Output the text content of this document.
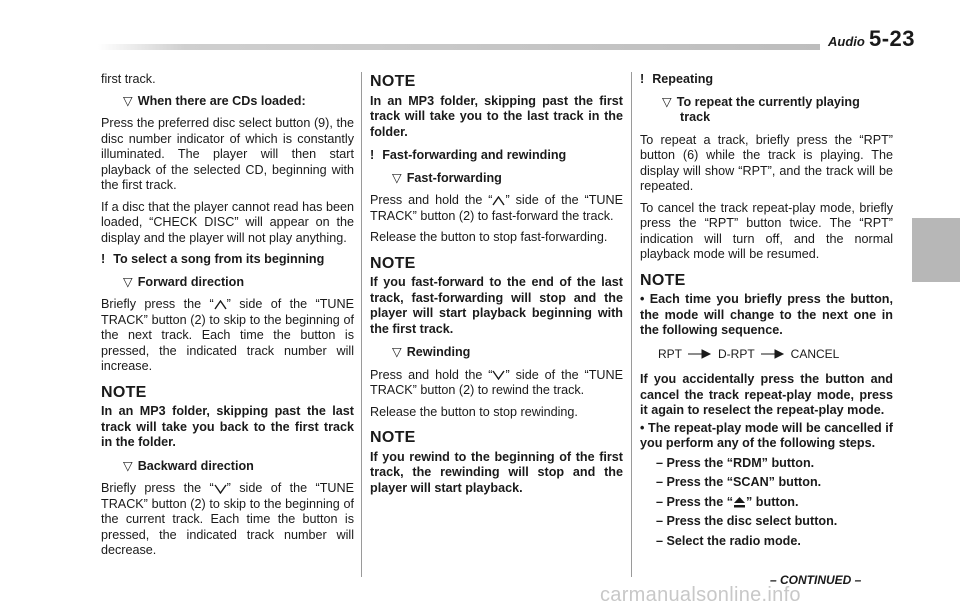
Audio 5-23

first track.

▽ When there are CDs loaded:

Press the preferred disc select button (9), the disc number indicator of which is constantly illuminated. The player will then start playback of the selected CD, beginning with the first track.

If a disc that the player cannot read has been loaded, “CHECK DISC” will appear on the display and the player will not play anything.

! To select a song from its beginning
▽ Forward direction

Briefly press the “ ” side of the “TUNE TRACK” button (2) to skip to the beginning of the next track. Each time the button is pressed, the indicated track number will increase.

NOTE
In an MP3 folder, skipping past the last track will take you back to the first track in the folder.
▽ Backward direction

Briefly press the “ ” side of the “TUNE TRACK” button (2) to skip to the beginning of the current track. Each time the button is pressed, the indicated track number will decrease.

NOTE
In an MP3 folder, skipping past the first track will take you to the last track in the folder.
! Fast-forwarding and rewinding
▽ Fast-forwarding

Press and hold the “ ” side of the “TUNE TRACK” button (2) to fast-forward the track.

Release the button to stop fast-forwarding.

NOTE
If you fast-forward to the end of the last track, fast-forwarding will stop and the player will start playback beginning with the first track.
▽ Rewinding

Press and hold the “ ” side of the “TUNE TRACK” button (2) to rewind the track.

Release the button to stop rewinding.

NOTE
If you rewind to the beginning of the first track, the rewinding will stop and the player will start playback.
! Repeating
▽ To repeat the currently playing track

To repeat a track, briefly press the “RPT” button (6) while the track is playing. The display will show “RPT”, and the track will be repeated.

To cancel the track repeat-play mode, briefly press the “RPT” button twice. The “RPT” indication will turn off, and the normal playback mode will be resumed.

NOTE
• Each time you briefly press the button, the mode will change to the next one in the following sequence.
RPT	D-RPT	CANCEL
If you accidentally press the button and cancel the track repeat-play mode, press it again to reselect the repeat-play mode.
• The repeat-play mode will be cancelled if you perform any of the following steps.
– Press the “RDM” button.
– Press the “SCAN” button.
– Press the “ ” button.
– Press the disc select button.
– Select the radio mode.
– CONTINUED –
carmanualsonline.info
